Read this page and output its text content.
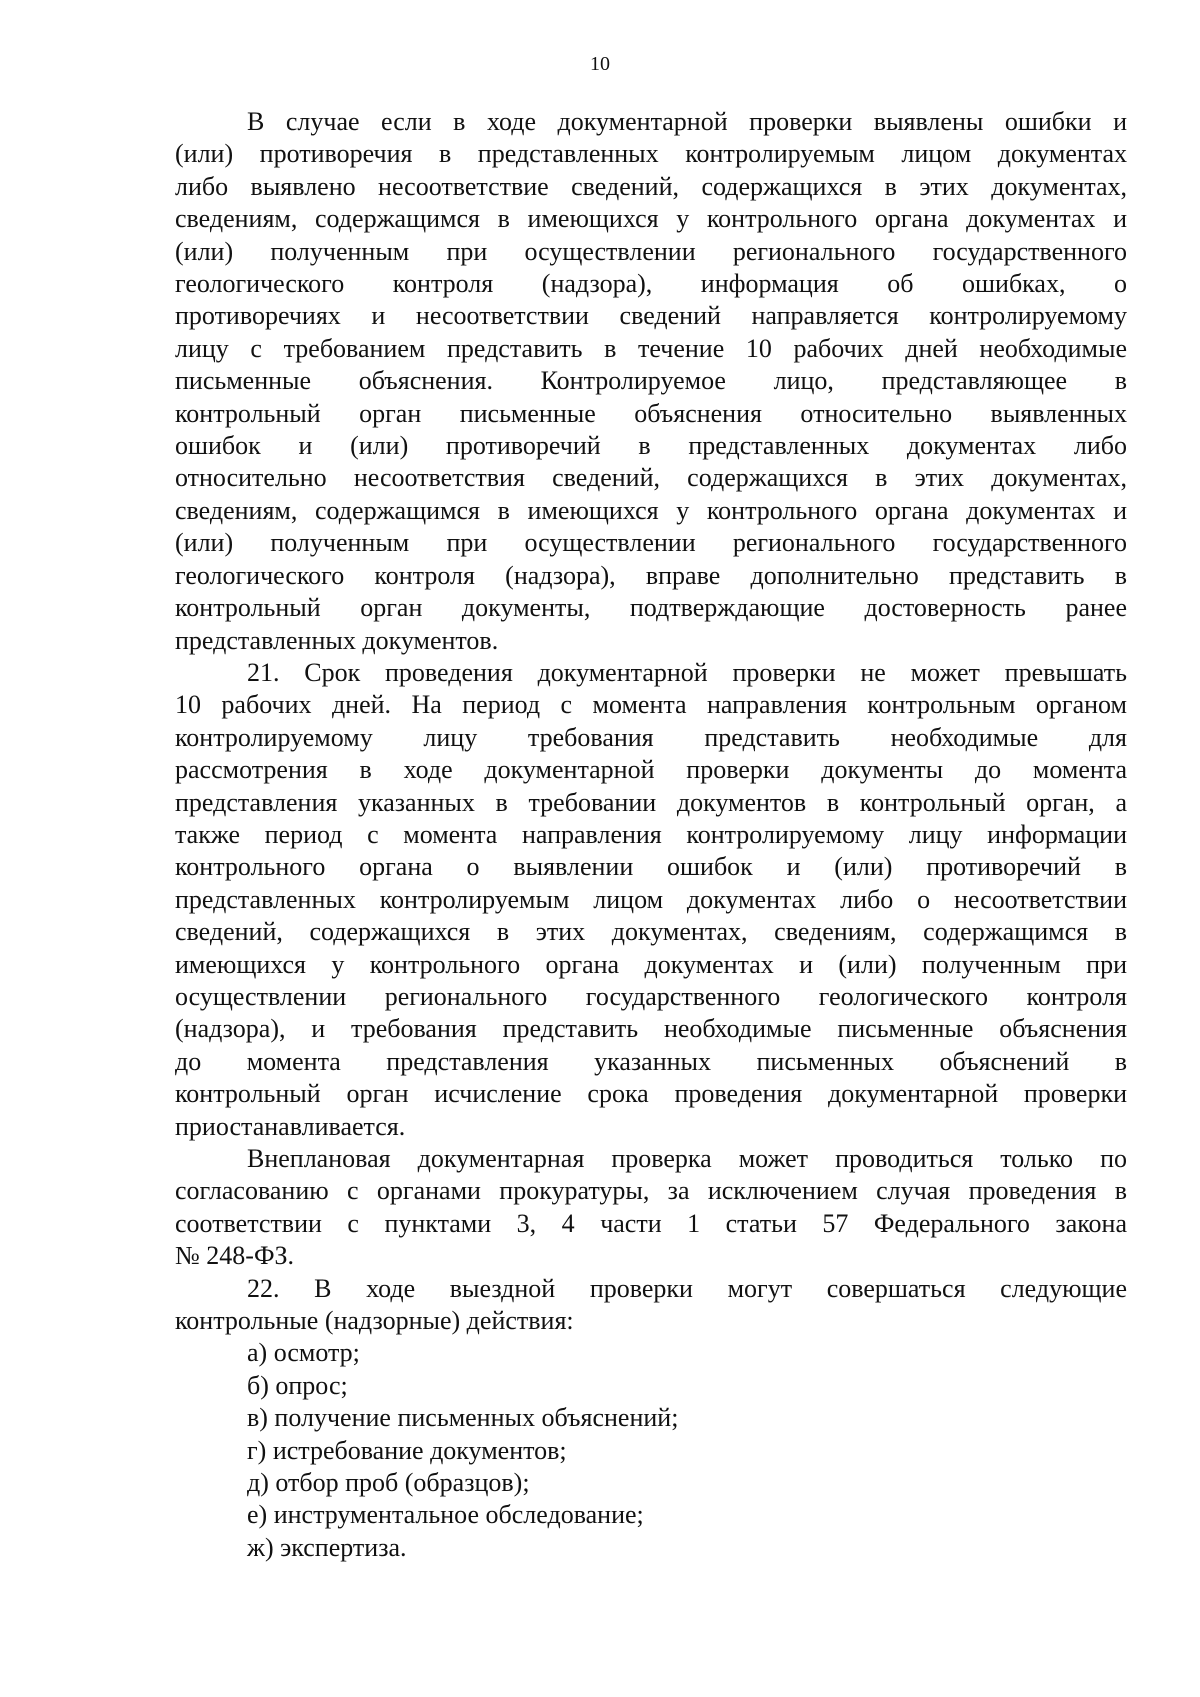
10

В случае если в ходе документарной проверки выявлены ошибки и
(или) противоречия в представленных контролируемым лицом документах
либо выявлено несоответствие сведений, содержащихся в этих документах,
сведениям, содержащимся в имеющихся у контрольного органа документах и
(или) полученным при осуществлении регионального государственного
геологического контроля (надзора), информация об ошибках, о
противоречиях и несоответствии сведений направляется контролируемому
лицу с требованием представить в течение 10 рабочих дней необходимые
письменные объяснения. Контролируемое лицо, представляющее в
контрольный орган письменные объяснения относительно выявленных
ошибок и (или) противоречий в представленных документах либо
относительно несоответствия сведений, содержащихся в этих документах,
сведениям, содержащимся в имеющихся у контрольного органа документах и
(или) полученным при осуществлении регионального государственного
геологического контроля (надзора), вправе дополнительно представить в
контрольный орган документы, подтверждающие достоверность ранее
представленных документов.

21. Срок проведения документарной проверки не может превышать
10 рабочих дней. На период с момента направления контрольным органом
контролируемому лицу требования представить необходимые для
рассмотрения в ходе документарной проверки документы до момента
представления указанных в требовании документов в контрольный орган, а
также период с момента направления контролируемому лицу информации
контрольного органа о выявлении ошибок и (или) противоречий в
представленных контролируемым лицом документах либо о несоответствии
сведений, содержащихся в этих документах, сведениям, содержащимся в
имеющихся у контрольного органа документах и (или) полученным при
осуществлении регионального государственного геологического контроля
(надзора), и требования представить необходимые письменные объяснения
до момента представления указанных письменных объяснений в
контрольный орган исчисление срока проведения документарной проверки
приостанавливается.

Внеплановая документарная проверка может проводиться только по
согласованию с органами прокуратуры, за исключением случая проведения в
соответствии с пунктами 3, 4 части 1 статьи 57 Федерального закона
№ 248-ФЗ.

22. В ходе выездной проверки могут совершаться следующие
контрольные (надзорные) действия:

а) осмотр;
б) опрос;
в) получение письменных объяснений;
г) истребование документов;
д) отбор проб (образцов);
е) инструментальное обследование;
ж) экспертиза.
